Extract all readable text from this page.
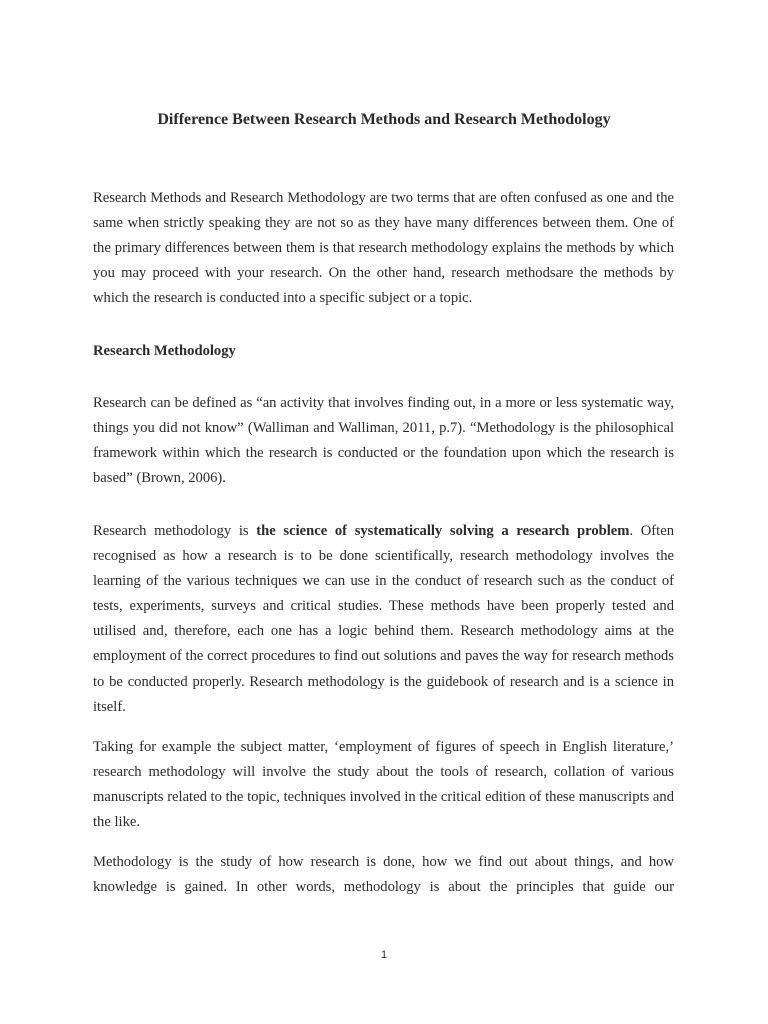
Difference Between Research Methods and Research Methodology

Research Methods and Research Methodology are two terms that are often confused as one and the same when strictly speaking they are not so as they have many differences between them. One of the primary differences between them is that research methodology explains the methods by which you may proceed with your research. On the other hand, research methodsare the methods by which the research is conducted into a specific subject or a topic.

Research Methodology

Research can be defined as “an activity that involves finding out, in a more or less systematic way, things you did not know” (Walliman and Walliman, 2011, p.7). “Methodology is the philosophical framework within which the research is conducted or the foundation upon which the research is based” (Brown, 2006).

Research methodology is the science of systematically solving a research problem. Often recognised as how a research is to be done scientifically, research methodology involves the learning of the various techniques we can use in the conduct of research such as the conduct of tests, experiments, surveys and critical studies. These methods have been properly tested and utilised and, therefore, each one has a logic behind them. Research methodology aims at the employment of the correct procedures to find out solutions and paves the way for research methods to be conducted properly. Research methodology is the guidebook of research and is a science in itself.

Taking for example the subject matter, ‘employment of figures of speech in English literature,’ research methodology will involve the study about the tools of research, collation of various manuscripts related to the topic, techniques involved in the critical edition of these manuscripts and the like.

Methodology is the study of how research is done, how we find out about things, and how knowledge is gained. In other words, methodology is about the principles that guide our

1
